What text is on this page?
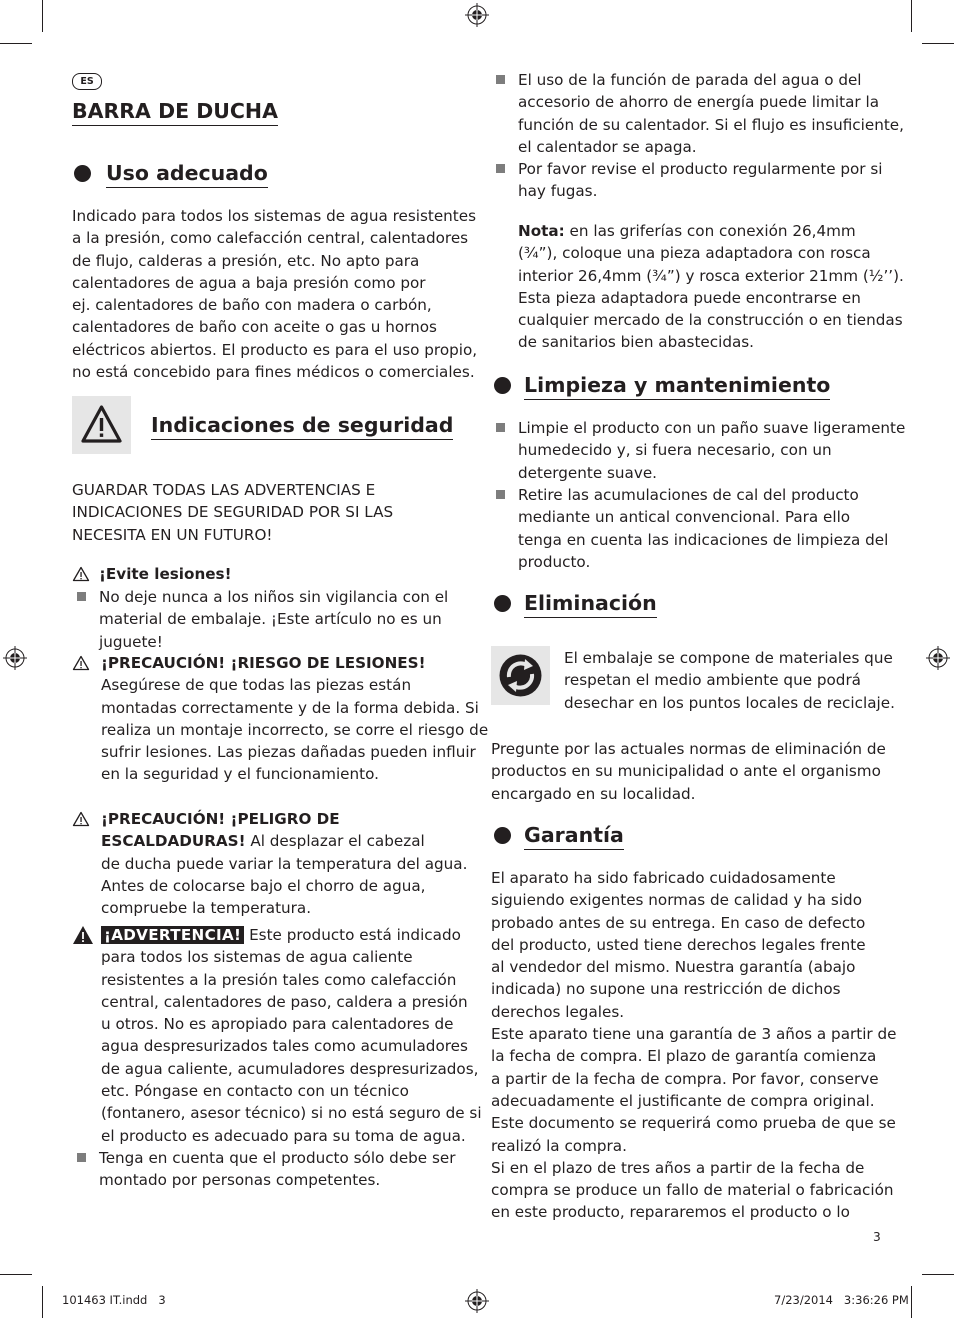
ES
BARRA DE DUCHA
Uso adecuado
Indicado para todos los sistemas de agua resistentes
a la presión, como calefacción central, calentadores
de flujo, calderas a presión, etc. No apto para
calentadores de agua a baja presión como por
ej. calentadores de baño con madera o carbón,
calentadores de baño con aceite o gas u hornos
eléctricos abiertos. El producto es para el uso propio,
no está concebido para fines médicos o comerciales.
Indicaciones de seguridad
GUARDAR TODAS LAS ADVERTENCIAS E
INDICACIONES DE SEGURIDAD POR SI LAS
NECESITA EN UN FUTURO!
¡Evite lesiones!
No deje nunca a los niños sin vigilancia con el
material de embalaje. ¡Este artículo no es un
juguete!
¡PRECAUCIÓN! ¡RIESGO DE LESIONES!
Asegúrese de que todas las piezas están
montadas correctamente y de la forma debida. Si
realiza un montaje incorrecto, se corre el riesgo de
sufrir lesiones. Las piezas dañadas pueden influir
en la seguridad y el funcionamiento.
¡PRECAUCIÓN! ¡PELIGRO DE
ESCALDADURAS! Al desplazar el cabezal
de ducha puede variar la temperatura del agua.
Antes de colocarse bajo el chorro de agua,
compruebe la temperatura.
¡ADVERTENCIA! Este producto está indicado
para todos los sistemas de agua caliente
resistentes a la presión tales como calefacción
central, calentadores de paso, caldera a presión
u otros. No es apropiado para calentadores de
agua despresurizados tales como acumuladores
de agua caliente, acumuladores despresurizados,
etc. Póngase en contacto con un técnico
(fontanero, asesor técnico) si no está seguro de si
el producto es adecuado para su toma de agua.
Tenga en cuenta que el producto sólo debe ser
montado por personas competentes.
El uso de la función de parada del agua o del
accesorio de ahorro de energía puede limitar la
función de su calentador. Si el flujo es insuficiente,
el calentador se apaga.
Por favor revise el producto regularmente por si
hay fugas.
Nota: en las griferías con conexión 26,4mm
(¾”), coloque una pieza adaptadora con rosca
interior 26,4mm (¾”) y rosca exterior 21mm (½’’).
Esta pieza adaptadora puede encontrarse en
cualquier mercado de la construcción o en tiendas
de sanitarios bien abastecidas.
Limpieza y mantenimiento
Limpie el producto con un paño suave ligeramente
humedecido y, si fuera necesario, con un
detergente suave.
Retire las acumulaciones de cal del producto
mediante un antical convencional. Para ello
tenga en cuenta las indicaciones de limpieza del
producto.
Eliminación
El embalaje se compone de materiales que
respetan el medio ambiente que podrá
desechar en los puntos locales de reciclaje.
Pregunte por las actuales normas de eliminación de
productos en su municipalidad o ante el organismo
encargado en su localidad.
Garantía
El aparato ha sido fabricado cuidadosamente
siguiendo exigentes normas de calidad y ha sido
probado antes de su entrega. En caso de defecto
del producto, usted tiene derechos legales frente
al vendedor del mismo. Nuestra garantía (abajo
indicada) no supone una restricción de dichos
derechos legales.
Este aparato tiene una garantía de 3 años a partir de
la fecha de compra. El plazo de garantía comienza
a partir de la fecha de compra. Por favor, conserve
adecuadamente el justificante de compra original.
Este documento se requerirá como prueba de que se
realizó la compra.
Si en el plazo de tres años a partir de la fecha de
compra se produce un fallo de material o fabricación
en este producto, repararemos el producto o lo
3
101463 IT.indd   3	7/23/2014   3:36:26 PM
